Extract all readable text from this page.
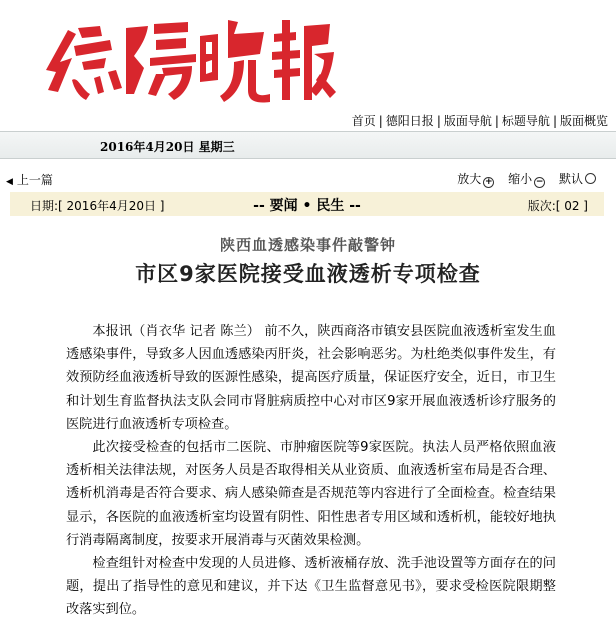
首页 | 德阳日报 | 版面导航 | 标题导航 | 版面概览
2016年4月20日 星期三
◀ 上一篇	放大 + 缩小 − 默认
日期:[ 2016年4月20日 ]	-- 要闻 • 民生 --	版次:[ 02 ]
陕西血透感染事件敲警钟
市区9家医院接受血液透析专项检查

本报讯（肖衣华 记者 陈兰） 前不久，陕西商洛市镇安县医院血液透析室发生血透感染事件，导致多人因血透感染丙肝炎，社会影响恶劣。为杜绝类似事件发生，有效预防经血液透析导致的医源性感染，提高医疗质量，保证医疗安全，近日，市卫生和计划生育监督执法支队会同市肾脏病质控中心对市区9家开展血液透析诊疗服务的医院进行血液透析专项检查。

此次接受检查的包括市二医院、市肿瘤医院等9家医院。执法人员严格依照血液透析相关法律法规，对医务人员是否取得相关从业资质、血液透析室布局是否合理、透析机消毒是否符合要求、病人感染筛查是否规范等内容进行了全面检查。检查结果显示，各医院的血液透析室均设置有阴性、阳性患者专用区域和透析机，能较好地执行消毒隔离制度，按要求开展消毒与灭菌效果检测。

检查组针对检查中发现的人员进修、透析液桶存放、洗手池设置等方面存在的问题，提出了指导性的意见和建议，并下达《卫生监督意见书》，要求受检医院限期整改落实到位。
